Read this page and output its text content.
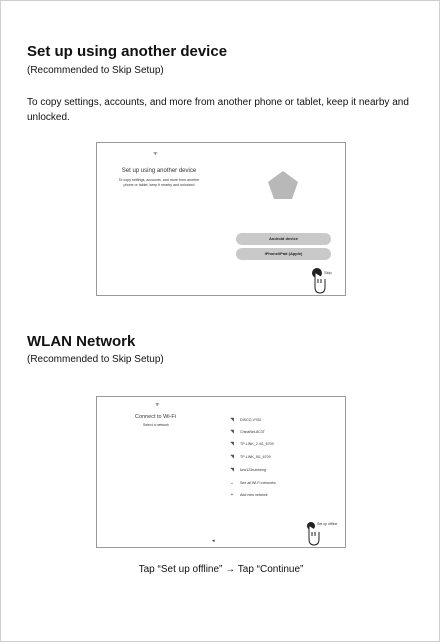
Set up using another device
(Recommended to Skip Setup)
To copy settings, accounts, and more from another phone or tablet, keep it nearby and unlocked.
ᯤ
Set up using another device
To copy settings, accounts, and more from another phone or tablet, keep it nearby and unlocked
Android device
iPhone/iPad (Apple)
Skip
WLAN Network
(Recommended to Skip Setup)
ᯤ
Connect to Wi-Fi
Select a network
◥	DISCO-VY52
◥	ChinaNet-8C3T
◥	TP-LINK_2.4G_6709
◥	TP-LINK_5G_6709
◥	kzw123ruisheng
⌄	See all Wi-Fi networks
+	Add new network
Set up offline
◂
Tap “Set up offline” → Tap “Continue”
